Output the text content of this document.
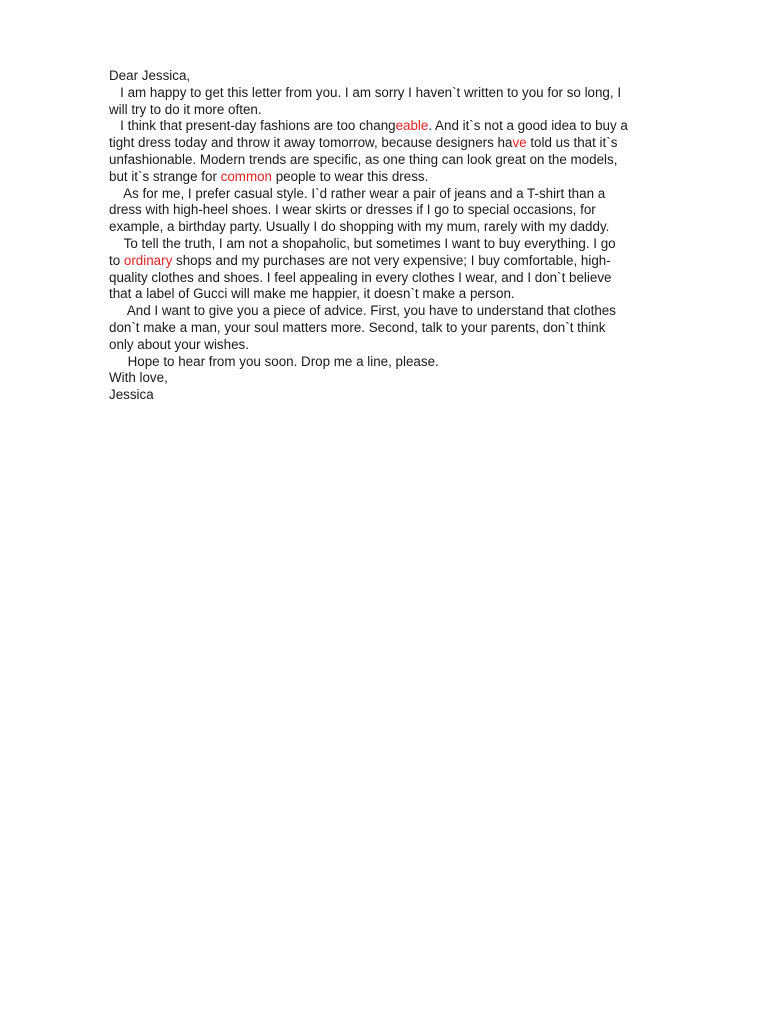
Dear Jessica,
I am happy to get this letter from you. I am sorry I haven`t written to you for so long, I
will try to do it more often.
I think that present-day fashions are too changeable. And it`s not a good idea to buy a
tight dress today and throw it away tomorrow, because designers have told us that it`s
unfashionable. Modern trends are specific, as one thing can look great on the models,
but it`s strange for common people to wear this dress.
As for me, I prefer casual style. I`d rather wear a pair of jeans and a T-shirt than a
dress with high-heel shoes. I wear skirts or dresses if I go to special occasions, for
example, a birthday party. Usually I do shopping with my mum, rarely with my daddy.
To tell the truth, I am not a shopaholic, but sometimes I want to buy everything. I go
to ordinary shops and my purchases are not very expensive; I buy comfortable, high-
quality clothes and shoes. I feel appealing in every clothes I wear, and I don`t believe
that a label of Gucci will make me happier, it doesn`t make a person.
And I want to give you a piece of advice. First, you have to understand that clothes
don`t make a man, your soul matters more. Second, talk to your parents, don`t think
only about your wishes.
Hope to hear from you soon. Drop me a line, please.
With love,
Jessica
